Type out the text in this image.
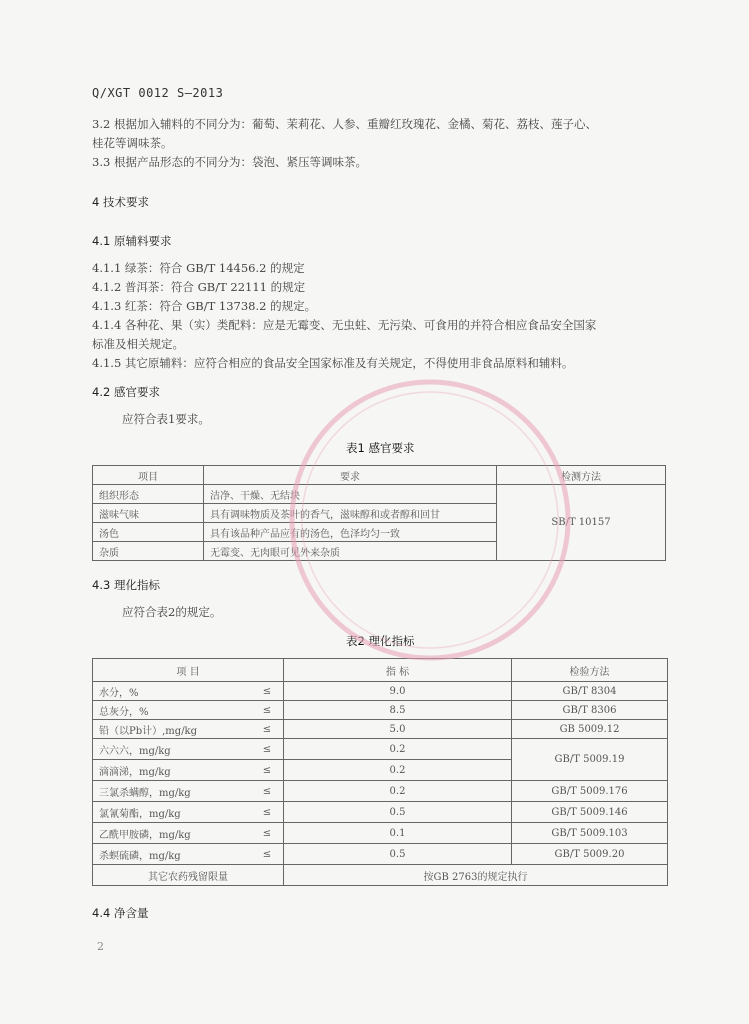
Q/XGT 0012 S—2013
3.2 根据加入辅料的不同分为：葡萄、茉莉花、人参、重瓣红玫瑰花、金橘、菊花、荔枝、莲子心、
桂花等调味茶。
3.3 根据产品形态的不同分为：袋泡、紧压等调味茶。
4 技术要求
4.1 原辅料要求
4.1.1 绿茶：符合 GB/T 14456.2 的规定
4.1.2 普洱茶：符合 GB/T 22111 的规定
4.1.3 红茶：符合 GB/T 13738.2 的规定。
4.1.4 各种花、果（实）类配料：应是无霉变、无虫蛀、无污染、可食用的并符合相应食品安全国家
标准及相关规定。
4.1.5 其它原辅料：应符合相应的食品安全国家标准及有关规定，不得使用非食品原料和辅料。
4.2 感官要求
应符合表1要求。
表1 感官要求
项目	要求	检测方法
组织形态	洁净、干燥、无结块	SB/T 10157
滋味气味	具有调味物质及茶叶的香气，滋味醇和或者醇和回甘	
汤色	具有该品种产品应有的汤色，色泽均匀一致	
杂质	无霉变、无肉眼可见外来杂质	
4.3 理化指标
应符合表2的规定。
表2 理化指标
项 目		指 标	检验方法
水分，%	≤	9.0	GB/T 8304
总灰分，%	≤	8.5	GB/T 8306
铅（以Pb计）,mg/kg	≤	5.0	GB 5009.12
六六六，mg/kg	≤	0.2	GB/T 5009.19
滴滴涕，mg/kg	≤	0.2	
三氯杀螨醇，mg/kg	≤	0.2	GB/T 5009.176
氯氰菊酯，mg/kg	≤	0.5	GB/T 5009.146
乙酰甲胺磷，mg/kg	≤	0.1	GB/T 5009.103
杀螟硫磷，mg/kg	≤	0.5	GB/T 5009.20
其它农药残留限量		按GB 2763的规定执行	
4.4 净含量
2
